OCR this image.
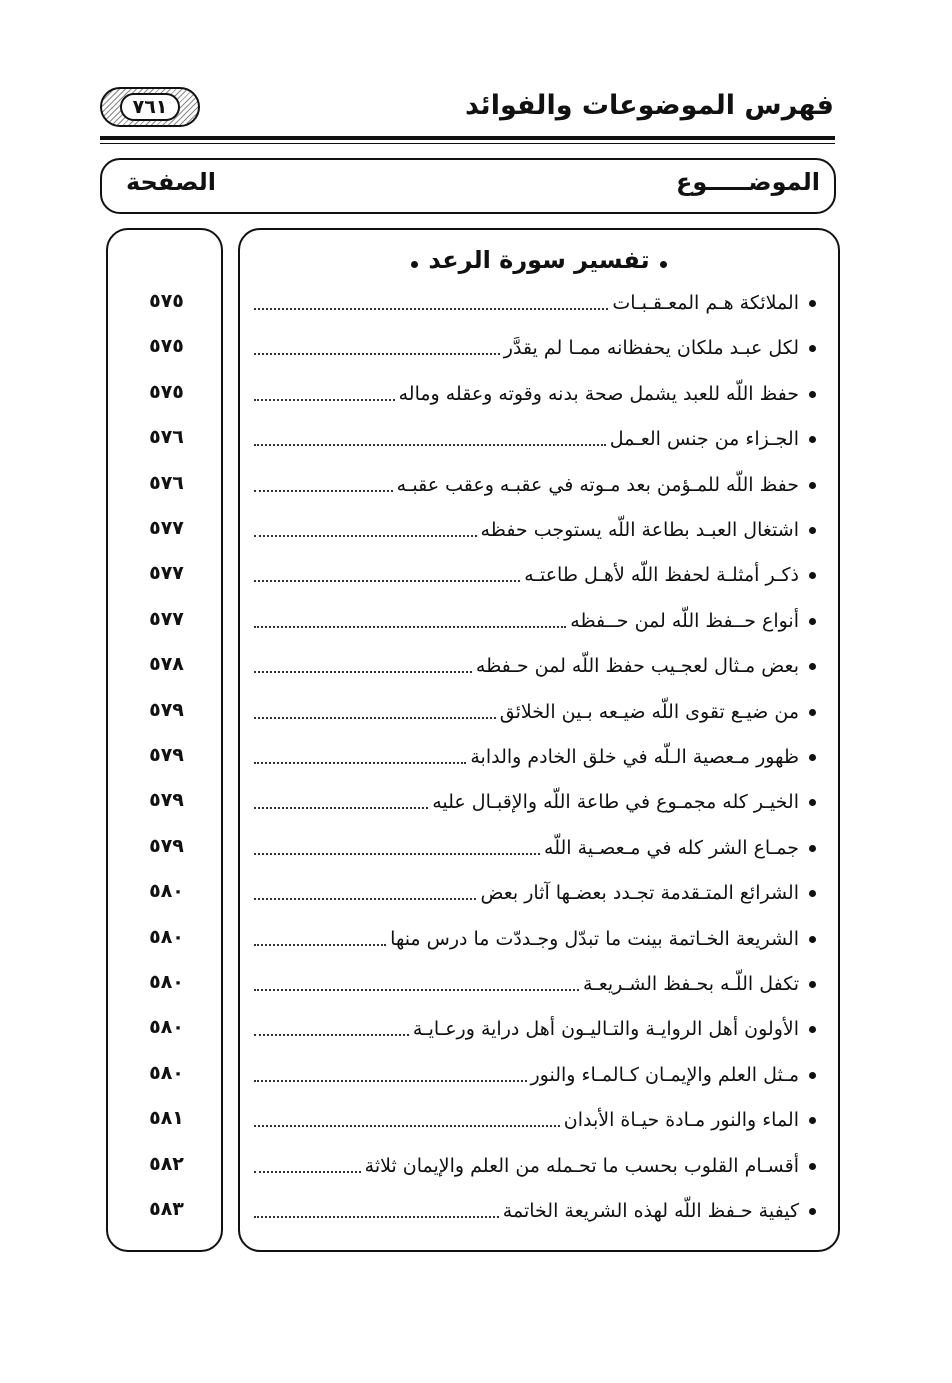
فهرس الموضوعات والفوائد
٧٦١
الموضـــــوع
الصفحة
٥٧٥
٥٧٥
٥٧٥
٥٧٦
٥٧٦
٥٧٧
٥٧٧
٥٧٧
٥٧٨
٥٧٩
٥٧٩
٥٧٩
٥٧٩
٥٨٠
٥٨٠
٥٨٠
٥٨٠
٥٨٠
٥٨١
٥٨٢
٥٨٣
تفسير سورة الرعد
الملائكة هـم المعـقـبـات
لكل عبـد ملكان يحفظانه ممـا لم يقدَّر
حفظ اللّه للعبد يشمل صحة بدنه وقوته وعقله وماله
الجـزاء من جنس العـمل
حفظ اللّه للمـؤمن بعد مـوته في عقبـه وعقب عقبـه
اشتغال العبـد بطاعة اللّه يستوجب حفظه
ذكـر أمثلـة لحفظ اللّه لأهـل طاعتـه
أنواع حــفظ اللّه لمن حــفظه
بعض مـثال لعجـيب حفظ اللّه لمن حـفظه
من ضيـع تقوى اللّه ضيـعه بـين الخلائق
ظهور مـعصية الـلّه في خلق الخادم والدابة
الخيـر كله مجمـوع في طاعة اللّه والإقبـال عليه
جمـاع الشر كله في مـعصـية اللّه
الشرائع المتـقدمة تجـدد بعضـها آثار بعض
الشريعة الخـاتمة بينت ما تبدّل وجـددّت ما درس منها
تكفل اللّـه بحـفظ الشـريعـة
الأولون أهل الروايـة والتـاليـون أهل دراية ورعـايـة
مـثل العلم والإيمـان كـالمـاء والنور
الماء والنور مـادة حيـاة الأبدان
أقسـام القلوب بحسب ما تحـمله من العلم والإيمان ثلاثة
كيفية حـفظ اللّه لهذه الشريعة الخاتمة
